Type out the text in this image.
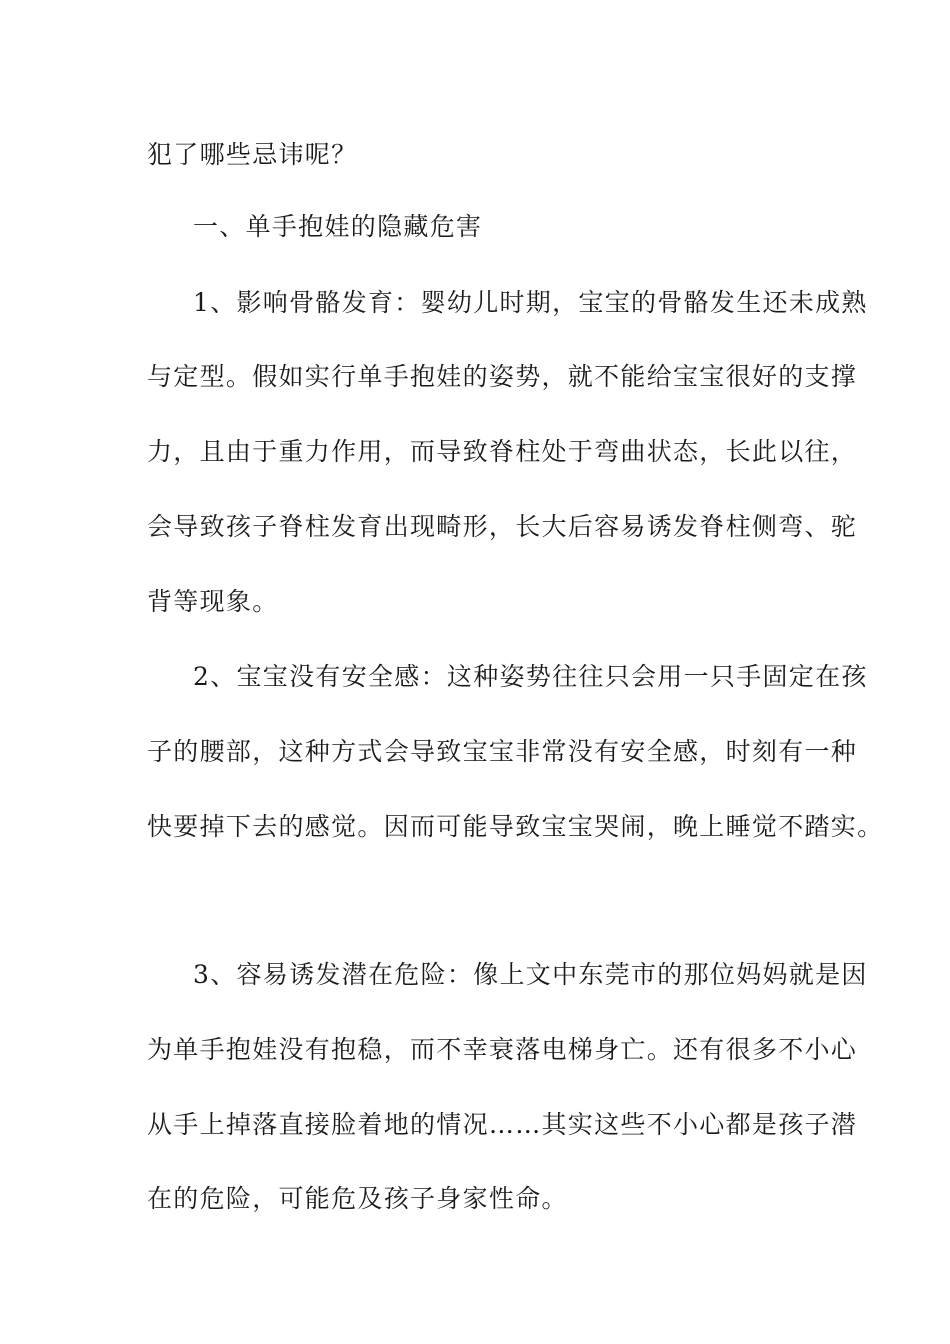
犯了哪些忌讳呢？
一、单手抱娃的隐藏危害
1、影响骨骼发育：婴幼儿时期，宝宝的骨骼发生还未成熟
与定型。假如实行单手抱娃的姿势，就不能给宝宝很好的支撑
力，且由于重力作用，而导致脊柱处于弯曲状态，长此以往，
会导致孩子脊柱发育出现畸形，长大后容易诱发脊柱侧弯、驼
背等现象。
2、宝宝没有安全感：这种姿势往往只会用一只手固定在孩
子的腰部，这种方式会导致宝宝非常没有安全感，时刻有一种
快要掉下去的感觉。因而可能导致宝宝哭闹，晚上睡觉不踏实。
3、容易诱发潜在危险：像上文中东莞市的那位妈妈就是因
为单手抱娃没有抱稳，而不幸衰落电梯身亡。还有很多不小心
从手上掉落直接脸着地的情况……其实这些不小心都是孩子潜
在的危险，可能危及孩子身家性命。
